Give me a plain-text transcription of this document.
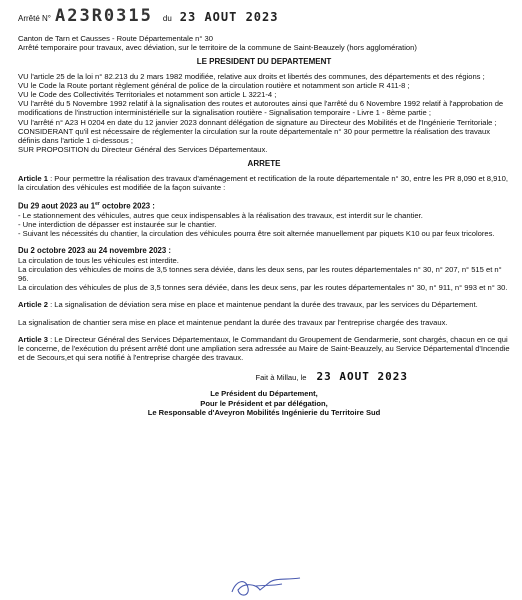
Arrêté N° A23R0315 du 23 AOUT 2023

Canton de Tarn et Causses - Route Départementale n° 30

Arrêté temporaire pour travaux, avec déviation, sur le territoire de la commune de Saint-Beauzely (hors agglomération)

LE PRESIDENT DU DEPARTEMENT

VU l'article 25 de la loi n° 82.213 du 2 mars 1982 modifiée, relative aux droits et libertés des communes, des départements et des régions ;

VU le Code la Route portant règlement général de police de la circulation routière et notamment son article R 411-8 ;

VU le Code des Collectivités Territoriales et notamment son article L 3221-4 ;

VU l'arrêté du 5 Novembre 1992 relatif à la signalisation des routes et autoroutes ainsi que l'arrêté du 6 Novembre 1992 relatif à l'approbation de modifications de l'instruction interministérielle sur la signalisation routière - Signalisation temporaire - Livre 1 - 8ème partie ;

VU l'arrêté n° A23 H 0204 en date du 12 janvier 2023 donnant délégation de signature au Directeur des Mobilités et de l'Ingénierie Territoriale ;

CONSIDERANT qu'il est nécessaire de réglementer la circulation sur la route départementale n° 30 pour permettre la réalisation des travaux définis dans l'article 1 ci-dessous ;

SUR PROPOSITION du Directeur Général des Services Départementaux.

ARRETE

Article 1 : Pour permettre la réalisation des travaux d'aménagement et rectification de la route départementale n° 30, entre les PR 8,090 et 8,910, la circulation des véhicules est modifiée de la façon suivante :

Du 29 aout 2023 au 1er octobre 2023 :

- Le stationnement des véhicules, autres que ceux indispensables à la réalisation des travaux, est interdit sur le chantier.

- Une interdiction de dépasser est instaurée sur le chantier.

- Suivant les nécessités du chantier, la circulation des véhicules pourra être soit alternée manuellement par piquets K10 ou par feux tricolores.

Du 2 octobre 2023 au 24 novembre 2023 :

La circulation de tous les véhicules est interdite.

La circulation des véhicules de moins de 3,5 tonnes sera déviée, dans les deux sens, par les routes départementales n° 30, n° 207, n° 515 et n° 96.

La circulation des véhicules de plus de 3,5 tonnes sera déviée, dans les deux sens, par les routes départementales n° 30, n° 911, n° 993 et n° 30.

Article 2 : La signalisation de déviation sera mise en place et maintenue pendant la durée des travaux, par les services du Département.

La signalisation de chantier sera mise en place et maintenue pendant la durée des travaux par l'entreprise chargée des travaux.

Article 3 : Le Directeur Général des Services Départementaux, le Commandant du Groupement de Gendarmerie, sont chargés, chacun en ce qui le concerne, de l'exécution du présent arrêté dont une ampliation sera adressée au Maire de Saint-Beauzely, au Service Départemental d'Incendie et de Secours,et qui sera notifié à l'entreprise chargée des travaux.

Fait à Millau, le 23 AOUT 2023

Le Président du Département,

Pour le Président et par délégation,

Le Responsable d'Aveyron Mobilités Ingénierie du Territoire Sud
